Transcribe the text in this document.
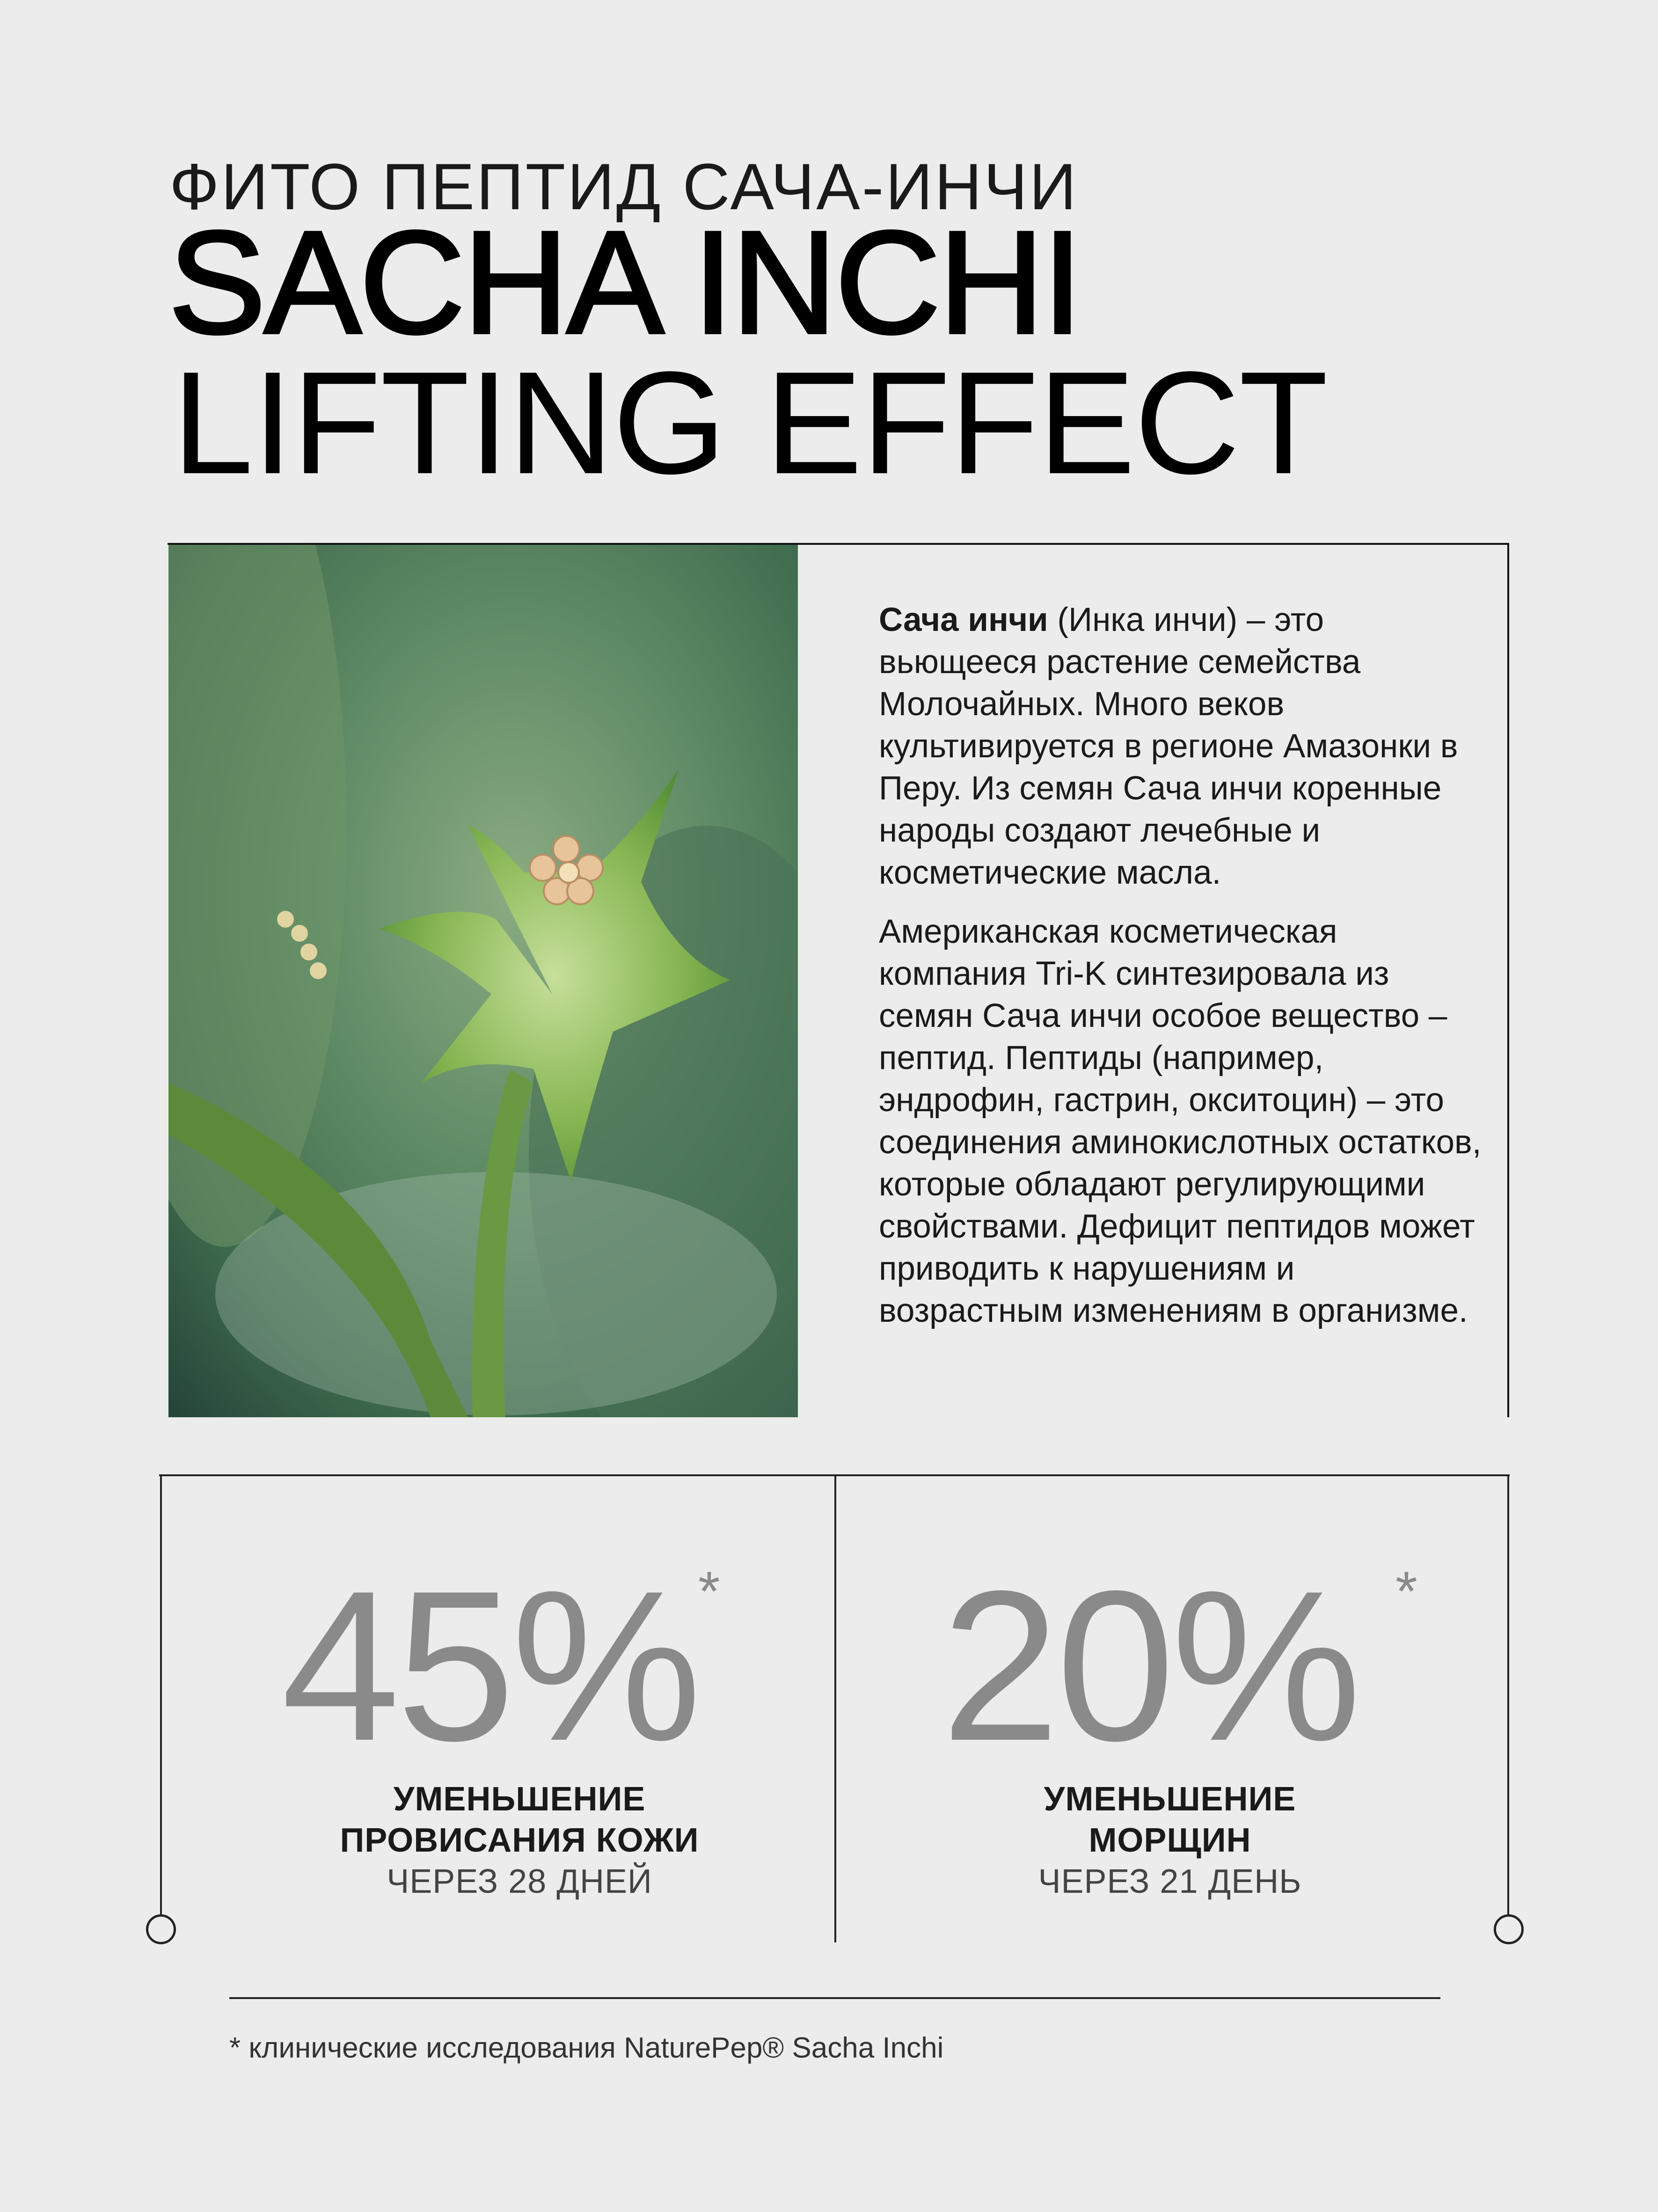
ФИТО ПЕПТИД САЧА-ИНЧИ
SACHA INCHI
LIFTING EFFECT

Сача инчи (Инка инчи) – это вьющееся растение семейства Молочайных. Много веков культивируется в регионе Амазонки в Перу. Из семян Сача инчи коренные народы создают лечебные и косметические масла.

Американская косметическая компания Tri-K синтезировала из семян Сача инчи особое вещество – пептид. Пептиды (например, эндрофин, гастрин, окситоцин) – это соединения аминокислотных остатков, которые обладают регулирующими свойствами. Дефицит пептидов может приводить к нарушениям и возрастным изменениям в организме.

45% *
УМЕНЬШЕНИЕ
ПРОВИСАНИЯ КОЖИ
ЧЕРЕЗ 28 ДНЕЙ
20% *
УМЕНЬШЕНИЕ
МОРЩИН
ЧЕРЕЗ 21 ДЕНЬ
* клинические исследования NaturePep® Sacha Inchi
